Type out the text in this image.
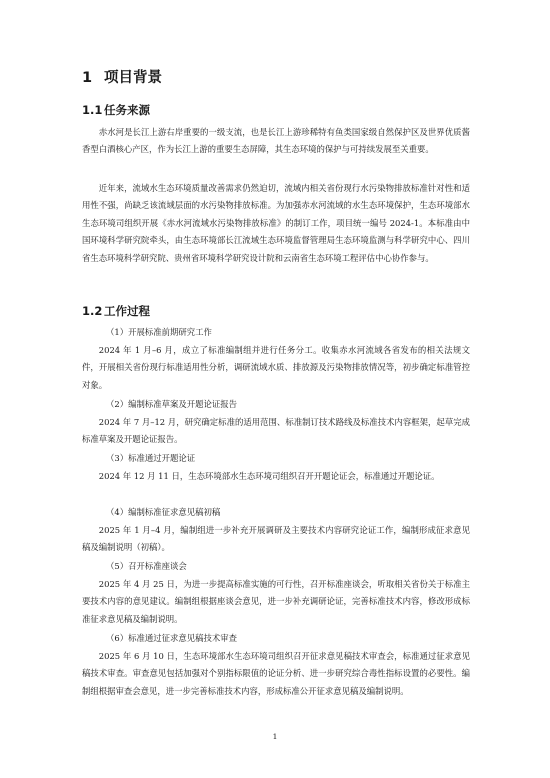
1 项目背景
1.1 任务来源

赤水河是长江上游右岸重要的一级支流，也是长江上游珍稀特有鱼类国家级自然保护区及世界优质酱香型白酒核心产区，作为长江上游的重要生态屏障，其生态环境的保护与可持续发展至关重要。

近年来，流域水生态环境质量改善需求仍然迫切，流域内相关省份现行水污染物排放标准针对性和适用性不强，尚缺乏该流域层面的水污染物排放标准。为加强赤水河流域的水生态环境保护，生态环境部水生态环境司组织开展《赤水河流域水污染物排放标准》的制订工作，项目统一编号 2024-1。本标准由中国环境科学研究院牵头，由生态环境部长江流域生态环境监督管理局生态环境监测与科学研究中心、四川省生态环境科学研究院、贵州省环境科学研究设计院和云南省生态环境工程评估中心协作参与。

1.2 工作过程

（1）开展标准前期研究工作

2024 年 1 月–6 月，成立了标准编制组并进行任务分工。收集赤水河流域各省发布的相关法规文件，开展相关省份现行标准适用性分析，调研流域水质、排放源及污染物排放情况等，初步确定标准管控对象。

（2）编制标准草案及开题论证报告

2024 年 7 月–12 月，研究确定标准的适用范围、标准制订技术路线及标准技术内容框架，起草完成标准草案及开题论证报告。

（3）标准通过开题论证

2024 年 12 月 11 日，生态环境部水生态环境司组织召开开题论证会，标准通过开题论证。

（4）编制标准征求意见稿初稿

2025 年 1 月–4 月，编制组进一步补充开展调研及主要技术内容研究论证工作，编制形成征求意见稿及编制说明（初稿）。

（5）召开标准座谈会

2025 年 4 月 25 日，为进一步提高标准实施的可行性，召开标准座谈会，听取相关省份关于标准主要技术内容的意见建议。编制组根据座谈会意见，进一步补充调研论证，完善标准技术内容，修改形成标准征求意见稿及编制说明。

（6）标准通过征求意见稿技术审查

2025 年 6 月 10 日，生态环境部水生态环境司组织召开征求意见稿技术审查会，标准通过征求意见稿技术审查。审查意见包括加强对个别指标限值的论证分析、进一步研究综合毒性指标设置的必要性。编制组根据审查会意见，进一步完善标准技术内容，形成标准公开征求意见稿及编制说明。

1
